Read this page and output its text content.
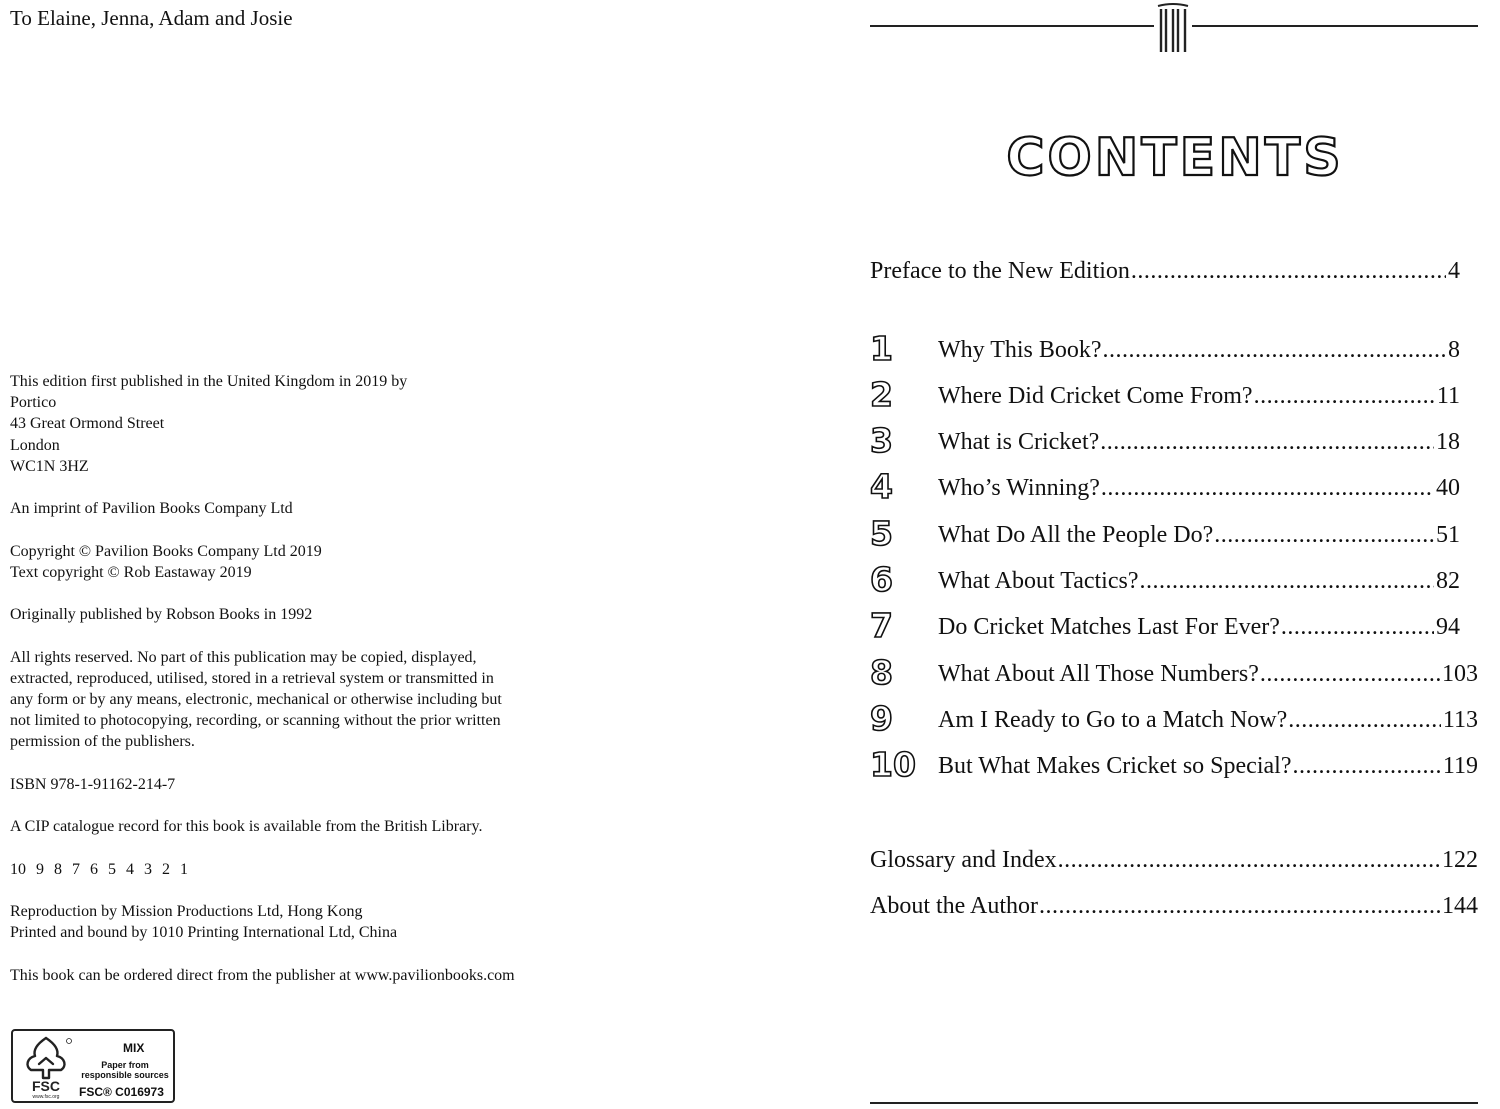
To Elaine, Jenna, Adam and Josie
This edition first published in the United Kingdom in 2019 by
Portico
43 Great Ormond Street
London
WC1N 3HZ
An imprint of Pavilion Books Company Ltd
Copyright © Pavilion Books Company Ltd 2019
Text copyright © Rob Eastaway 2019
Originally published by Robson Books in 1992
All rights reserved. No part of this publication may be copied, displayed,
extracted, reproduced, utilised, stored in a retrieval system or transmitted in
any form or by any means, electronic, mechanical or otherwise including but
not limited to photocopying, recording, or scanning without the prior written
permission of the publishers.
ISBN 978-1-91162-214-7
A CIP catalogue record for this book is available from the British Library.
10 9 8 7 6 5 4 3 2 1
Reproduction by Mission Productions Ltd, Hong Kong
Printed and bound by 1010 Printing International Ltd, China
This book can be ordered direct from the publisher at www.pavilionbooks.com
FSC
www.fsc.org
MIX
Paper from responsible sources
FSC® C016973
CONTENTS
Preface to the New Edition .....	4
1	Why This Book? .....	8
2	Where Did Cricket Come From? .....	11
3	What is Cricket? .....	18
4	Who’s Winning? .....	40
5	What Do All the People Do? .....	51
6	What About Tactics? .....	82
7	Do Cricket Matches Last For Ever? .....	94
8	What About All Those Numbers? .....	103
9	Am I Ready to Go to a Match Now? .....	113
10 But What Makes Cricket so Special? .....	119
Glossary and Index .....	122
About the Author .....	144
